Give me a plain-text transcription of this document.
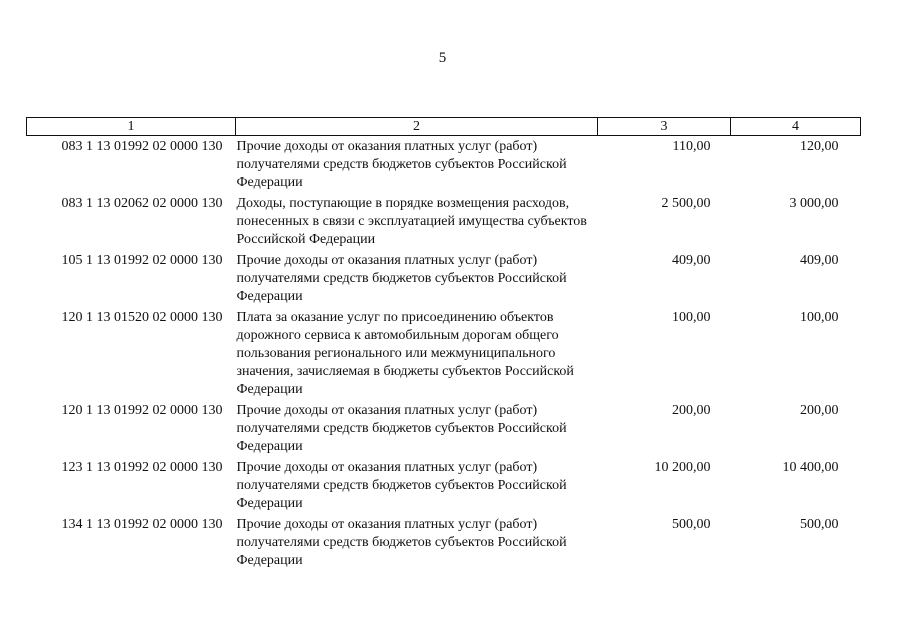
5
1	2	3	4
083 1 13 01992 02 0000 130	Прочие доходы от оказания платных услуг (работ) получателями средств бюджетов субъектов Российской Федерации	110,00	120,00
083 1 13 02062 02 0000 130	Доходы, поступающие в порядке возмещения расходов, понесенных в связи с эксплуатацией имущества субъектов Российской Федерации	2 500,00	3 000,00
105 1 13 01992 02 0000 130	Прочие доходы от оказания платных услуг (работ) получателями средств бюджетов субъектов Российской Федерации	409,00	409,00
120 1 13 01520 02 0000 130	Плата за оказание услуг по присоединению объектов дорожного сервиса к автомобильным дорогам общего пользования регионального или межмуниципального значения, зачисляемая в бюджеты субъектов Российской Федерации	100,00	100,00
120 1 13 01992 02 0000 130	Прочие доходы от оказания платных услуг (работ) получателями средств бюджетов субъектов Российской Федерации	200,00	200,00
123 1 13 01992 02 0000 130	Прочие доходы от оказания платных услуг (работ) получателями средств бюджетов субъектов Российской Федерации	10 200,00	10 400,00
134 1 13 01992 02 0000 130	Прочие доходы от оказания платных услуг (работ) получателями средств бюджетов субъектов Российской Федерации	500,00	500,00
